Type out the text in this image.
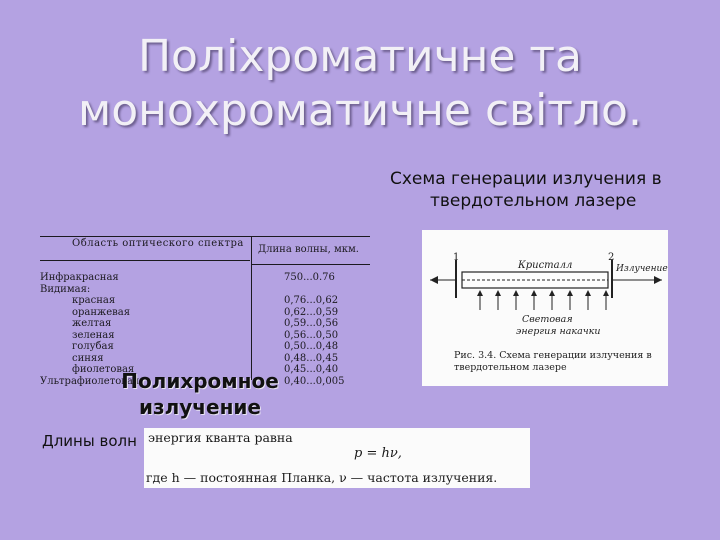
Поліхроматичне та
монохроматичне світло.
Схема генерации излучения в
твердотельном лазере
Область оптического спектра
Длина волны, мкм.
Инфракрасная	750...0.76
Видимая:
красная	0,76...0,62
оранжевая	0,62...0,59
желтая	0,59...0,56
зеленая	0,56...0,50
голубая	0,50...0,48
синяя	0,48...0,45
фиолетовая	0,45...0,40
Ультрафиолетовая	0,40...0,005
1	2
Кристалл	Излучение
Световая
энергия накачки
Рис. 3.4. Схема генерации излучения в твердотельном лазере
Полихромное
излучение
Длины волн энергия кванта равна
p = hν,
где h — постоянная Планка, ν — частота излучения.
